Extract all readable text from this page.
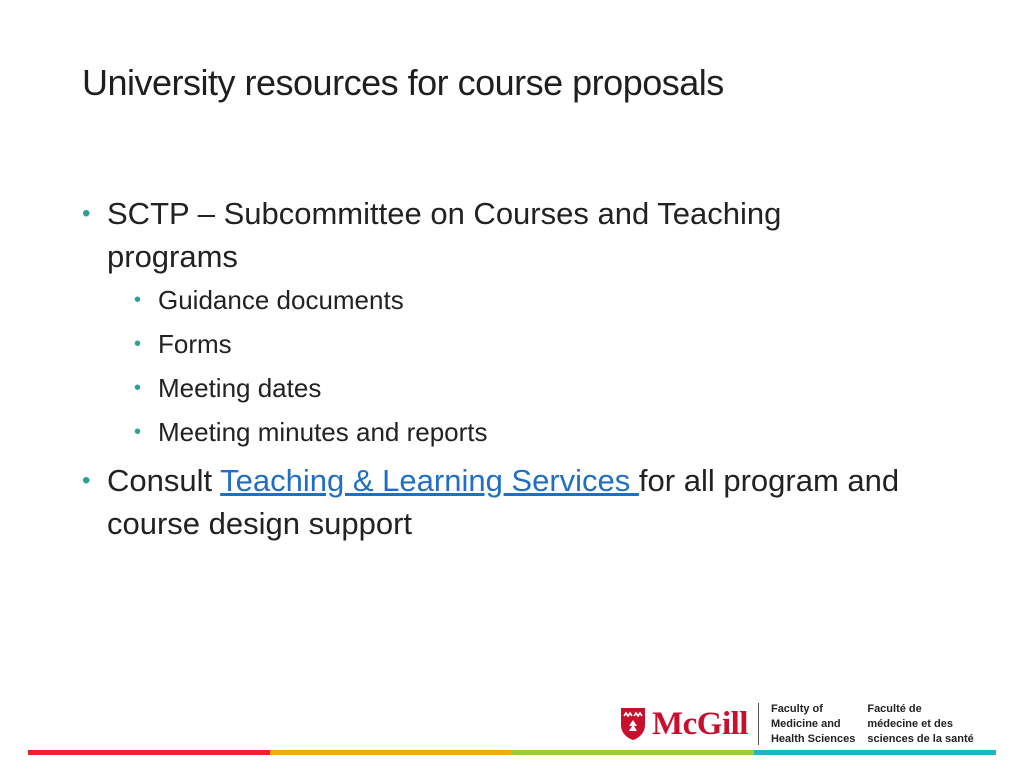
University resources for course proposals
• SCTP – Subcommittee on Courses and Teaching programs
• Guidance documents
• Forms
• Meeting dates
• Meeting minutes and reports
• Consult Teaching & Learning Services for all program and course design support
McGill Faculty of
Medicine and
Health Sciences
Faculté de
médecine et des
sciences de la santé
